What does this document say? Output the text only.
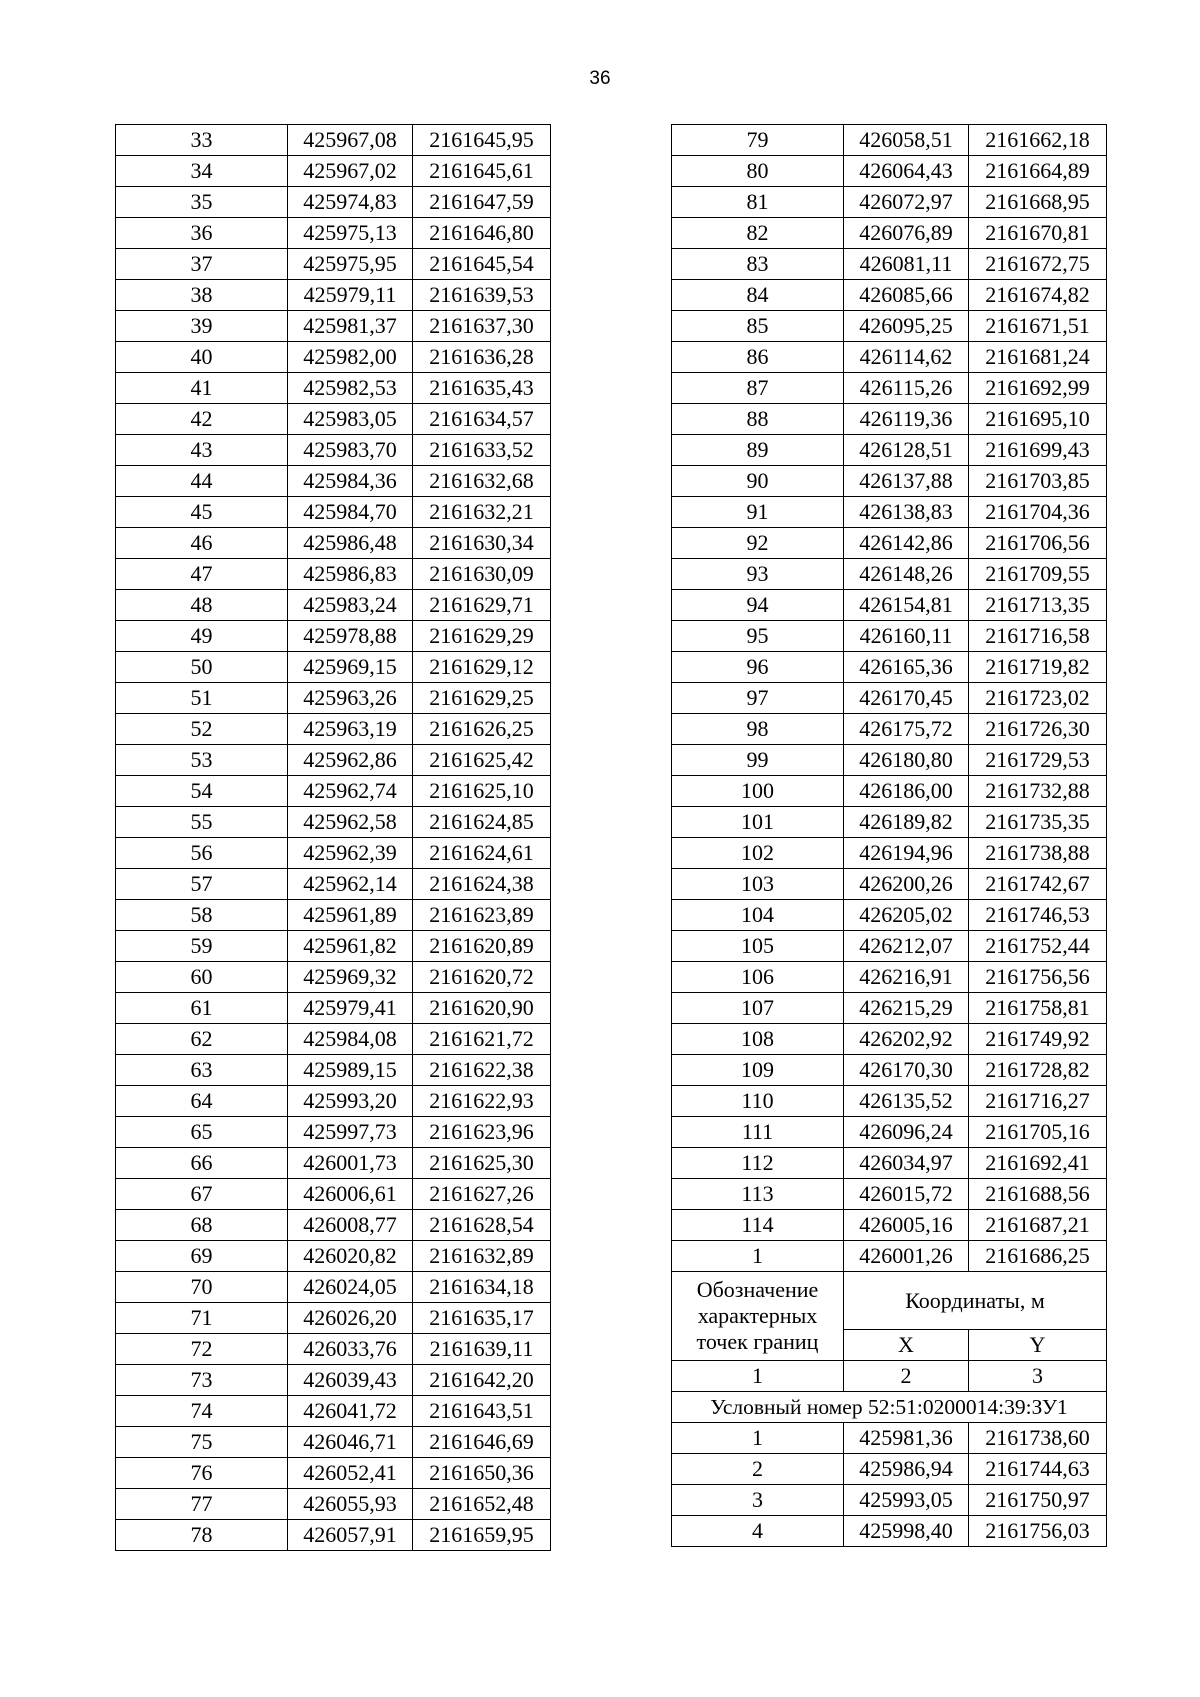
36
33	425967,08	2161645,95
34	425967,02	2161645,61
35	425974,83	2161647,59
36	425975,13	2161646,80
37	425975,95	2161645,54
38	425979,11	2161639,53
39	425981,37	2161637,30
40	425982,00	2161636,28
41	425982,53	2161635,43
42	425983,05	2161634,57
43	425983,70	2161633,52
44	425984,36	2161632,68
45	425984,70	2161632,21
46	425986,48	2161630,34
47	425986,83	2161630,09
48	425983,24	2161629,71
49	425978,88	2161629,29
50	425969,15	2161629,12
51	425963,26	2161629,25
52	425963,19	2161626,25
53	425962,86	2161625,42
54	425962,74	2161625,10
55	425962,58	2161624,85
56	425962,39	2161624,61
57	425962,14	2161624,38
58	425961,89	2161623,89
59	425961,82	2161620,89
60	425969,32	2161620,72
61	425979,41	2161620,90
62	425984,08	2161621,72
63	425989,15	2161622,38
64	425993,20	2161622,93
65	425997,73	2161623,96
66	426001,73	2161625,30
67	426006,61	2161627,26
68	426008,77	2161628,54
69	426020,82	2161632,89
70	426024,05	2161634,18
71	426026,20	2161635,17
72	426033,76	2161639,11
73	426039,43	2161642,20
74	426041,72	2161643,51
75	426046,71	2161646,69
76	426052,41	2161650,36
77	426055,93	2161652,48
78	426057,91	2161659,95
79	426058,51	2161662,18
80	426064,43	2161664,89
81	426072,97	2161668,95
82	426076,89	2161670,81
83	426081,11	2161672,75
84	426085,66	2161674,82
85	426095,25	2161671,51
86	426114,62	2161681,24
87	426115,26	2161692,99
88	426119,36	2161695,10
89	426128,51	2161699,43
90	426137,88	2161703,85
91	426138,83	2161704,36
92	426142,86	2161706,56
93	426148,26	2161709,55
94	426154,81	2161713,35
95	426160,11	2161716,58
96	426165,36	2161719,82
97	426170,45	2161723,02
98	426175,72	2161726,30
99	426180,80	2161729,53
100	426186,00	2161732,88
101	426189,82	2161735,35
102	426194,96	2161738,88
103	426200,26	2161742,67
104	426205,02	2161746,53
105	426212,07	2161752,44
106	426216,91	2161756,56
107	426215,29	2161758,81
108	426202,92	2161749,92
109	426170,30	2161728,82
110	426135,52	2161716,27
111	426096,24	2161705,16
112	426034,97	2161692,41
113	426015,72	2161688,56
114	426005,16	2161687,21
1	426001,26	2161686,25
Обозначение характерных точек границ	Координаты, м	
	X	Y
1	2	3
Условный номер 52:51:0200014:39:ЗУ1		
1	425981,36	2161738,60
2	425986,94	2161744,63
3	425993,05	2161750,97
4	425998,40	2161756,03
